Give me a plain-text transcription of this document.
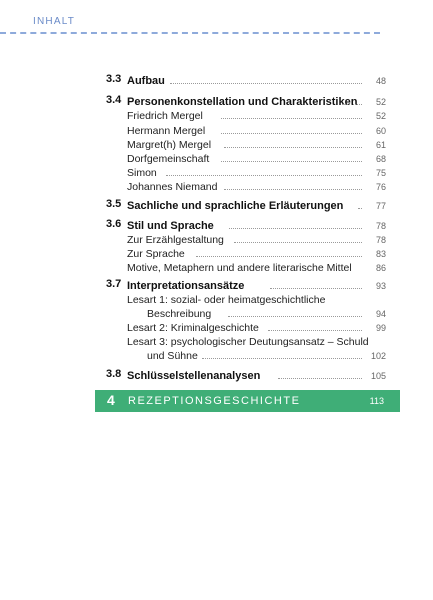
INHALT
3.3 Aufbau	48
3.4 Personenkonstellation und Charakteristiken 52
Friedrich Mergel	52
Hermann Mergel	60
Margret(h) Mergel	61
Dorfgemeinschaft	68
Simon	75
Johannes Niemand	76
3.5 Sachliche und sprachliche Erläuterungen	77
3.6 Stil und Sprache	78
Zur Erzählgestaltung	78
Zur Sprache	83
Motive, Metaphern und andere literarische Mittel	86
3.7 Interpretationsansätze	93
Lesart 1: sozial- oder heimatgeschichtliche
Beschreibung	94
Lesart 2: Kriminalgeschichte	99
Lesart 3: psychologischer Deutungsansatz – Schuld
und Sühne	102
3.8 Schlüsselstellenanalysen	105
4 REZEPTIONSGESCHICHTE	113
